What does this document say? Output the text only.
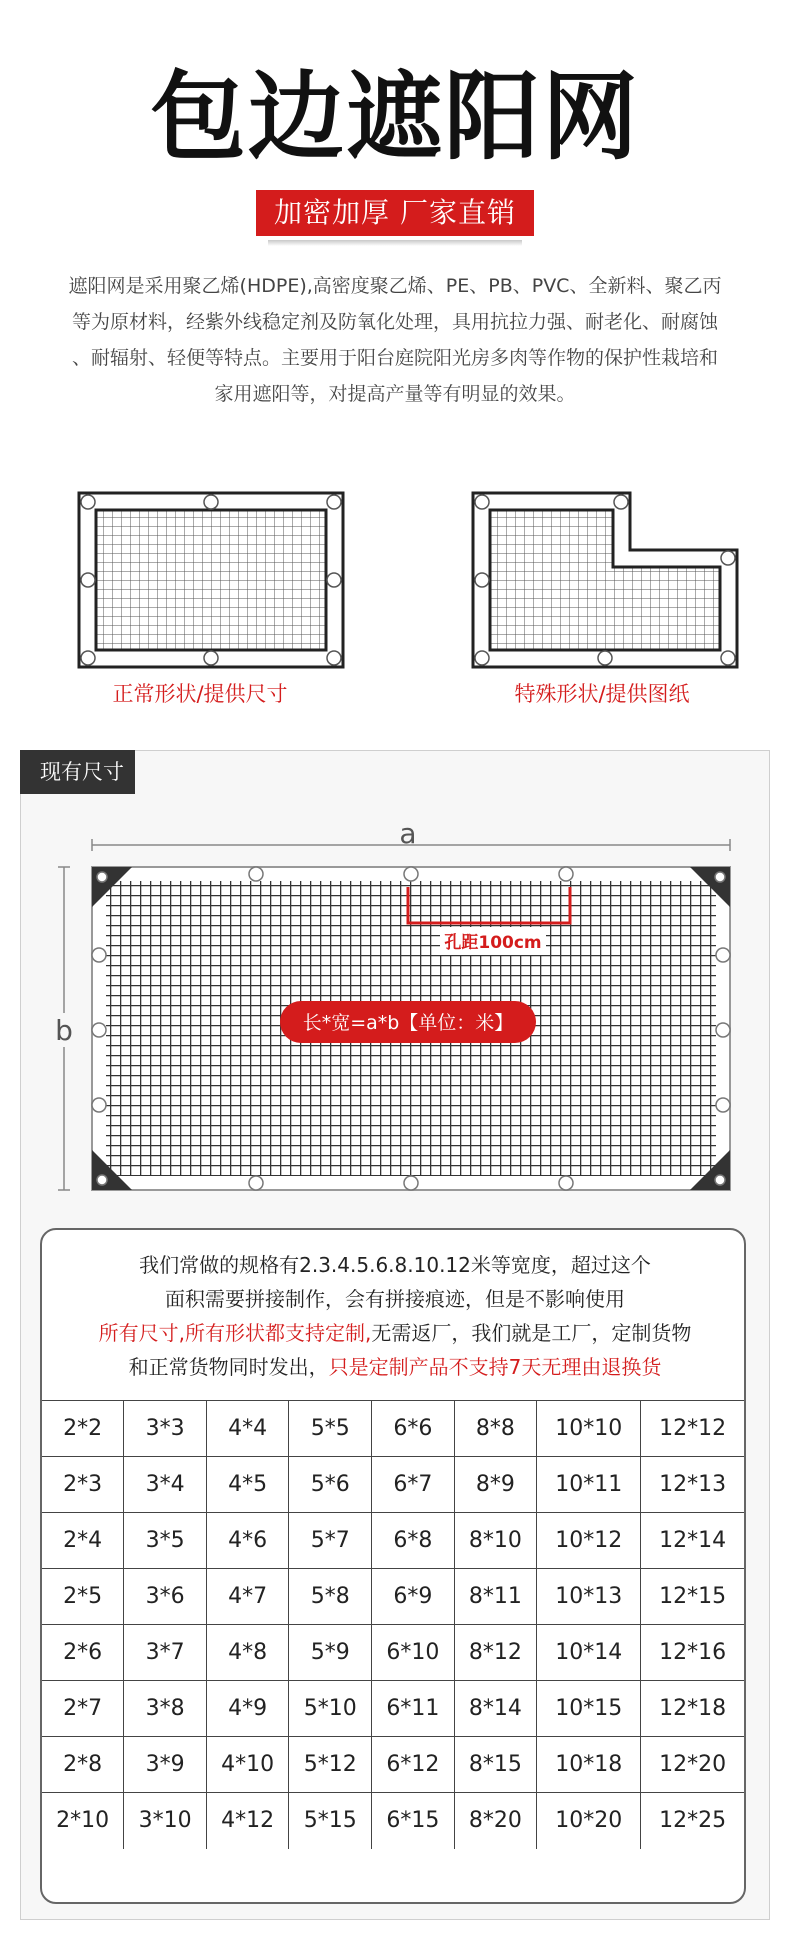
包边遮阳网
加密加厚 厂家直销
遮阳网是采用聚乙烯(HDPE),高密度聚乙烯、PE、PB、PVC、全新料、聚乙丙
等为原材料，经紫外线稳定剂及防氧化处理，具用抗拉力强、耐老化、耐腐蚀
、耐辐射、轻便等特点。主要用于阳台庭院阳光房多肉等作物的保护性栽培和
家用遮阳等，对提高产量等有明显的效果。
正常形状/提供尺寸	特殊形状/提供图纸
现有尺寸
a
b
孔距100cm
长*宽=a*b【单位：米】
我们常做的规格有2.3.4.5.6.8.10.12米等宽度，超过这个
面积需要拼接制作，会有拼接痕迹，但是不影响使用
所有尺寸,所有形状都支持定制,无需返厂，我们就是工厂，定制货物
和正常货物同时发出，只是定制产品不支持7天无理由退换货
2*2	3*3	4*4	5*5	6*6	8*8	10*10	12*12
2*3	3*4	4*5	5*6	6*7	8*9	10*11	12*13
2*4	3*5	4*6	5*7	6*8	8*10	10*12	12*14
2*5	3*6	4*7	5*8	6*9	8*11	10*13	12*15
2*6	3*7	4*8	5*9	6*10	8*12	10*14	12*16
2*7	3*8	4*9	5*10	6*11	8*14	10*15	12*18
2*8	3*9	4*10	5*12	6*12	8*15	10*18	12*20
2*10	3*10	4*12	5*15	6*15	8*20	10*20	12*25
